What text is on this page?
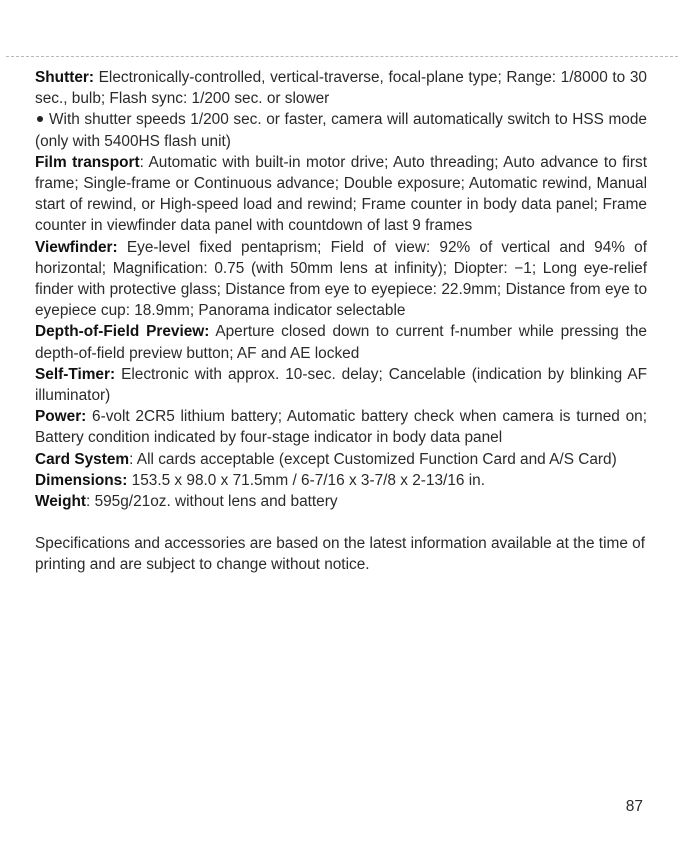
Shutter: Electronically-controlled, vertical-traverse, focal-plane type; Range: 1/8000 to 30 sec., bulb; Flash sync: 1/200 sec. or slower

With shutter speeds 1/200 sec. or faster, camera will automatically switch to HSS mode (only with 5400HS flash unit)

Film transport: Automatic with built-in motor drive; Auto threading; Auto advance to first frame; Single-frame or Continuous advance; Double exposure; Automatic rewind, Manual start of rewind, or High-speed load and rewind; Frame counter in body data panel; Frame counter in viewfinder data panel with countdown of last 9 frames

Viewfinder: Eye-level fixed pentaprism; Field of view: 92% of vertical and 94% of horizontal; Magnification: 0.75 (with 50mm lens at infinity); Diopter: −1; Long eye-relief finder with protective glass; Distance from eye to eyepiece: 22.9mm; Distance from eye to eyepiece cup: 18.9mm; Panorama indicator selectable

Depth-of-Field Preview: Aperture closed down to current f-number while pressing the depth-of-field preview button; AF and AE locked

Self-Timer: Electronic with approx. 10-sec. delay; Cancelable (indication by blinking AF illuminator)

Power: 6-volt 2CR5 lithium battery; Automatic battery check when camera is turned on; Battery condition indicated by four-stage indicator in body data panel

Card System: All cards acceptable (except Customized Function Card and A/S Card)

Dimensions: 153.5 x 98.0 x 71.5mm / 6-7/16 x 3-7/8 x 2-13/16 in.

Weight: 595g/21oz. without lens and battery

Specifications and accessories are based on the latest information available at the time of printing and are subject to change without notice.

87
